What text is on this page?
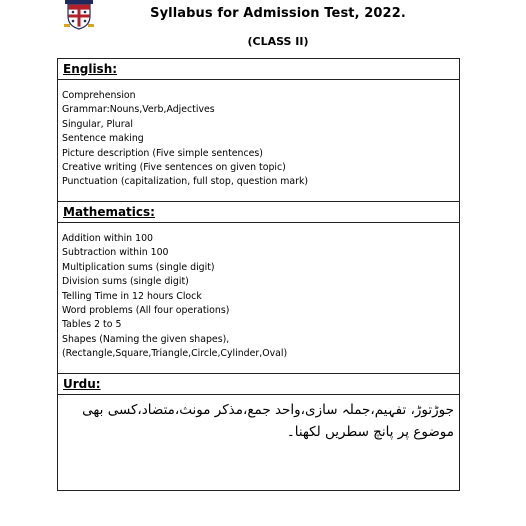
Syllabus for Admission Test, 2022.
(CLASS II)
English:
Comprehension
Grammar:Nouns,Verb,Adjectives
Singular, Plural
Sentence making
Picture description (Five simple sentences)
Creative writing (Five sentences on given topic)
Punctuation (capitalization, full stop, question mark)
Mathematics:
Addition within 100
Subtraction within 100
Multiplication sums (single digit)
Division sums (single digit)
Telling Time in 12 hours Clock
Word problems (All four operations)
Tables 2 to 5
Shapes (Naming the given shapes),(Rectangle,Square,Triangle,Circle,Cylinder,Oval)
Urdu:

جوڑتوڑ، تفہیم،جملہ سازی،واحد جمع،مذکر مونث،متضاد،کسی بھی موضوع پر پانچ سطریں لکھنا۔
